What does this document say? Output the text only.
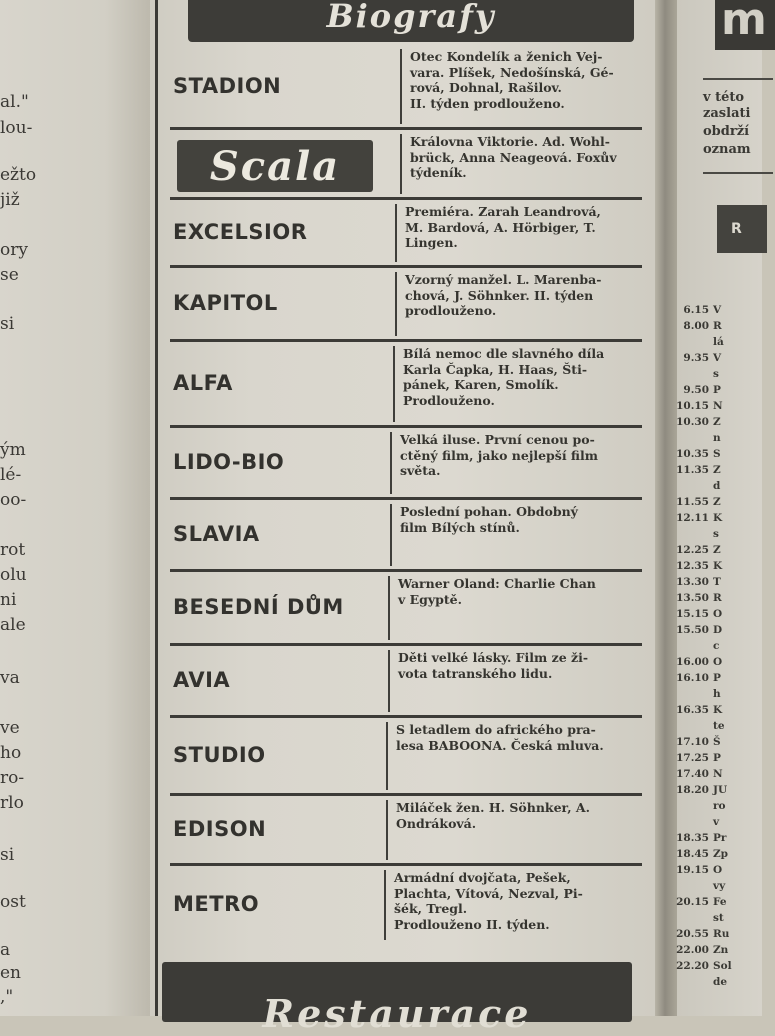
al."
lou-
ežto
již
ory
se
si
ým
lé-
oo-
rot
olu
ni
ale
va
ve
ho
ro-
rlo
si
ost
a
en
,"
Biografy
STADION
Otec Kondelík a ženich Vej-
vara. Plíšek, Nedošínská, Gé-
rová, Dohnal, Rašilov.
II. týden prodlouženo.
Scala
Královna Viktorie. Ad. Wohl-
brück, Anna Neageová. Foxův
týdeník.
EXCELSIOR
Premiéra. Zarah Leandrová,
M. Bardová, A. Hörbiger, T.
Lingen.
KAPITOL
Vzorný manžel. L. Marenba-
chová, J. Söhnker. II. týden
prodlouženo.
ALFA
Bílá nemoc dle slavného díla
Karla Čapka, H. Haas, Šti-
pánek, Karen, Smolík.
Prodlouženo.
LIDO-BIO
Velká iluse. První cenou po-
ctěný film, jako nejlepší film
světa.
SLAVIA
Poslední pohan. Obdobný
film Bílých stínů.
BESEDNÍ DŮM
Warner Oland: Charlie Chan
v Egyptě.
AVIA
Děti velké lásky. Film ze ži-
vota tatranského lidu.
STUDIO
S letadlem do afrického pra-
lesa BABOONA. Česká mluva.
EDISON
Miláček žen. H. Söhnker, A.
Ondráková.
METRO
Armádní dvojčata, Pešek,
Plachta, Vítová, Nezval, Pi-
šék, Tregl.
Prodlouženo II. týden.
Restaurace
m
R
v této
zaslati
obdrží
oznam
6.15 V
8.00 R
lá
9.35 V
s
9.50 P
10.15 N
10.30 Z
n
10.35 S
11.35 Z
d
11.55 Z
12.11 K
s
12.25 Z
12.35 K
13.30 T
13.50 R
15.15 O
15.50 D
c
16.00 O
16.10 P
h
16.35 K
te
17.10 Š
17.25 P
17.40 N
18.20 JU
ro
v
18.35 Pr
18.45 Zp
19.15 O
vy
20.15 Fe
st
20.55 Ru
22.00 Zn
22.20 Sol
de
